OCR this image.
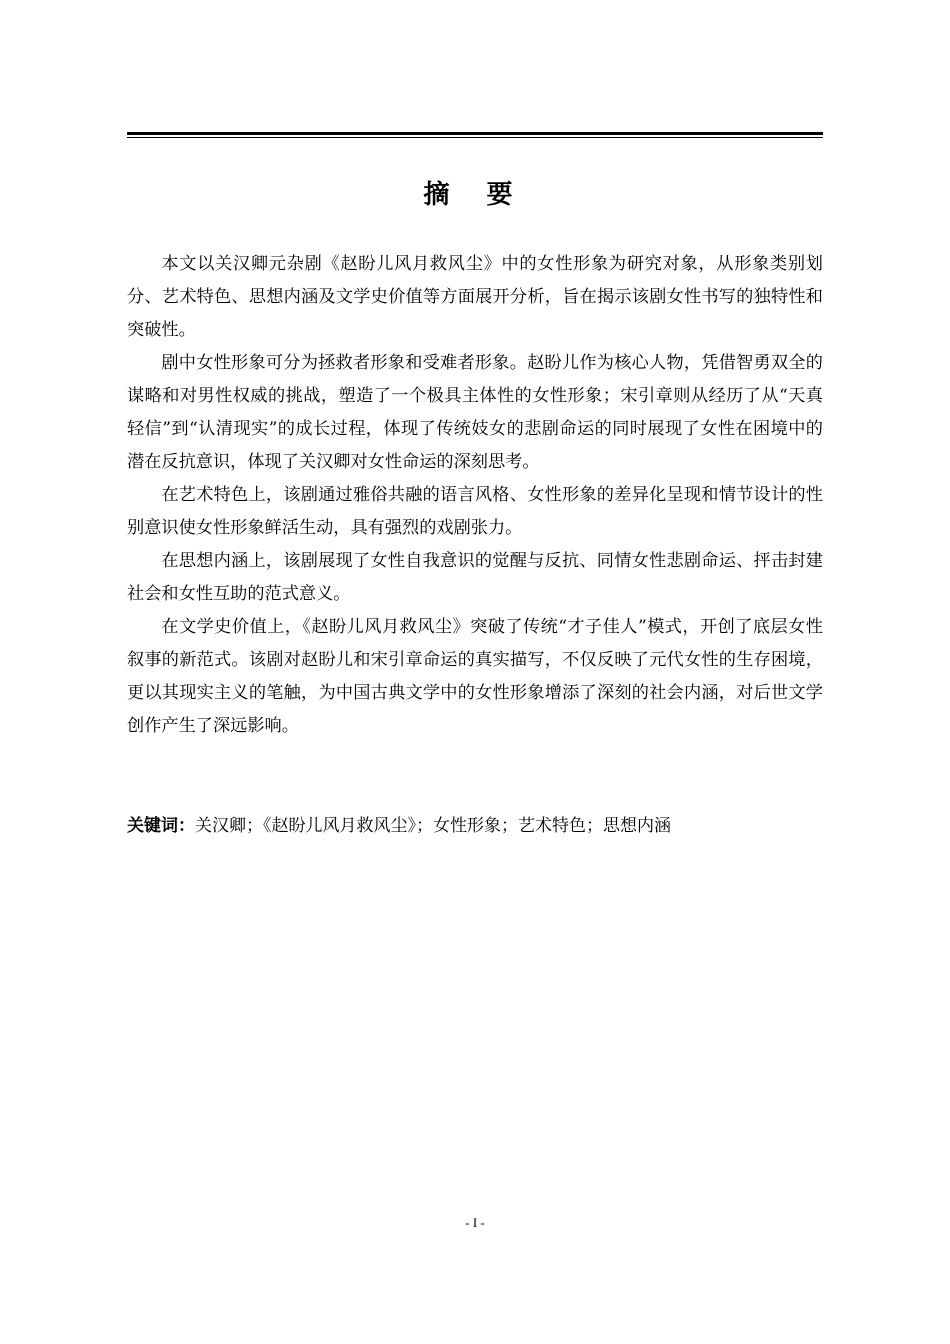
摘 要

本文以关汉卿元杂剧《赵盼儿风月救风尘》中的女性形象为研究对象，从形象类别划分、艺术特色、思想内涵及文学史价值等方面展开分析，旨在揭示该剧女性书写的独特性和突破性。

剧中女性形象可分为拯救者形象和受难者形象。赵盼儿作为核心人物，凭借智勇双全的谋略和对男性权威的挑战，塑造了一个极具主体性的女性形象；宋引章则从经历了从“天真轻信”到“认清现实”的成长过程，体现了传统妓女的悲剧命运的同时展现了女性在困境中的潜在反抗意识，体现了关汉卿对女性命运的深刻思考。

在艺术特色上，该剧通过雅俗共融的语言风格、女性形象的差异化呈现和情节设计的性别意识使女性形象鲜活生动，具有强烈的戏剧张力。

在思想内涵上，该剧展现了女性自我意识的觉醒与反抗、同情女性悲剧命运、抨击封建社会和女性互助的范式意义。

在文学史价值上，《赵盼儿风月救风尘》突破了传统“才子佳人”模式，开创了底层女性叙事的新范式。该剧对赵盼儿和宋引章命运的真实描写，不仅反映了元代女性的生存困境，更以其现实主义的笔触，为中国古典文学中的女性形象增添了深刻的社会内涵，对后世文学创作产生了深远影响。

关键词：关汉卿；《赵盼儿风月救风尘》；女性形象；艺术特色；思想内涵
- I -
